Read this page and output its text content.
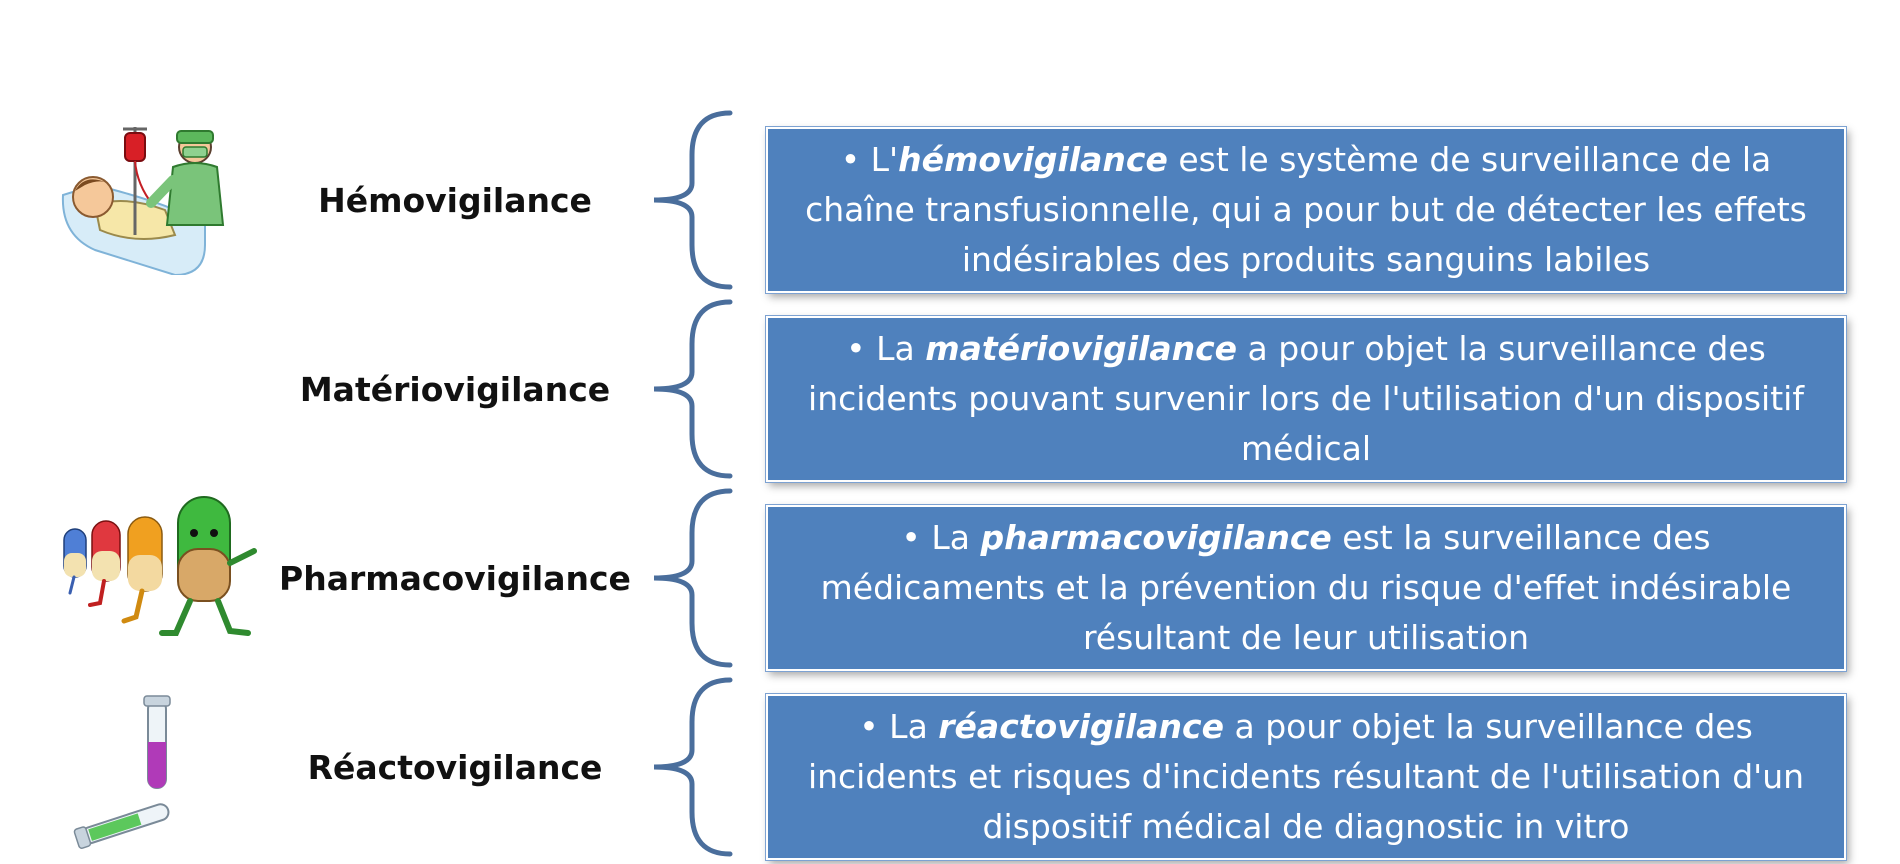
Hémovigilance

• L'hémovigilance est le système de surveillance de la chaîne transfusionnelle, qui a pour but de détecter les effets indésirables des produits sanguins labiles

Matériovigilance

• La matériovigilance a pour objet la surveillance des incidents pouvant survenir lors de l'utilisation d'un dispositif médical

Pharmacovigilance

• La pharmacovigilance est la surveillance des médicaments et la prévention du risque d'effet indésirable résultant de leur utilisation

Réactovigilance

• La réactovigilance a pour objet la surveillance des incidents et risques d'incidents résultant de l'utilisation d'un dispositif médical de diagnostic in vitro
